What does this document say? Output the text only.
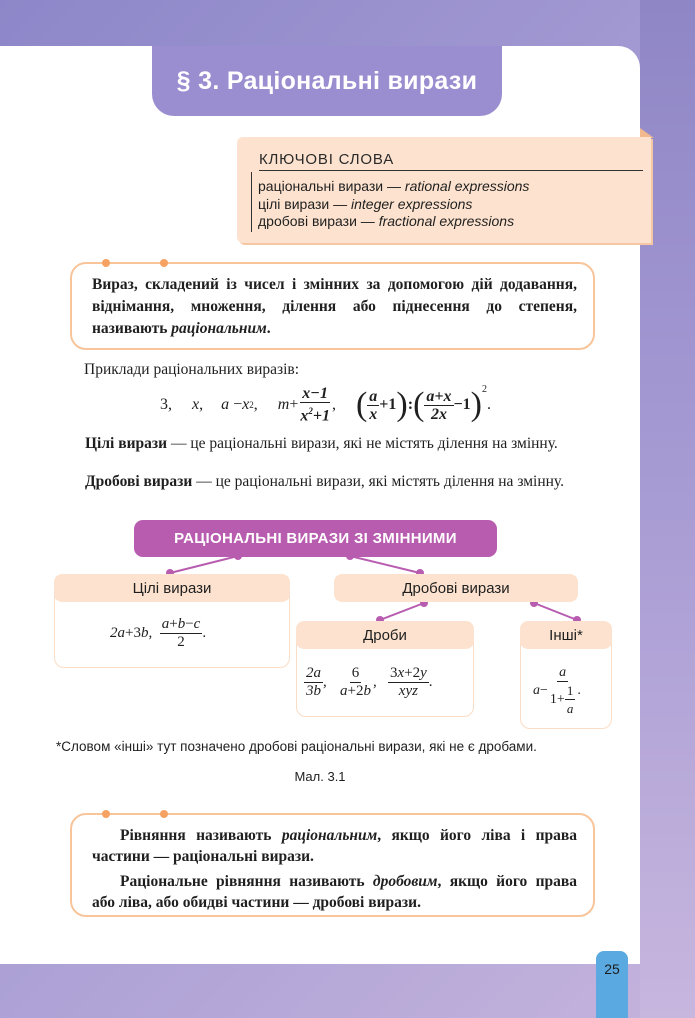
§ 3. Раціональні вирази
КЛЮЧОВІ СЛОВА
раціональні вирази — rational expressions
цілі вирази — integer expressions
дробові вирази — fractional expressions

Вираз, складений із чисел і змінних за допомогою дій додавання, віднімання, множення, ділення або піднесення до степеня, називають раціональним.

Приклади раціональних виразів:
3, x , a − x 2 , $m + \frac{x-1}{x^2+1}$ , ( $\frac{a}{x} +1$ ) : ( $\frac{a+x}{2x} -1$ )$^2$
.
Цілі вирази — це раціональні вирази, які не містять ділення на змінну.
Дробові вирази — це раціональні вирази, які містять ділення на змінну.
РАЦІОНАЛЬНІ ВИРАЗИ ЗІ ЗМІННИМИ
Цілі вирази
2a + 3 b , $\frac{a+b-c}{2}$ .
Дробові вирази
Дроби
$\frac{2a}{3b}$ , $\frac{6}{a+2b}$ , $\frac{3x+2y}{\text{xyz}}$ .
Інші*
$a - \frac{a}{1+ \frac{1}{a}}$ .
*Словом «інші» тут позначено дробові раціональні вирази, які не є дробами.
Мал. 3.1

Рівняння називають раціональним, якщо його ліва і права частини — раціональні вирази.

Раціональне рівняння називають дробовим, якщо його права або ліва, або обидві частини — дробові вирази.

25
